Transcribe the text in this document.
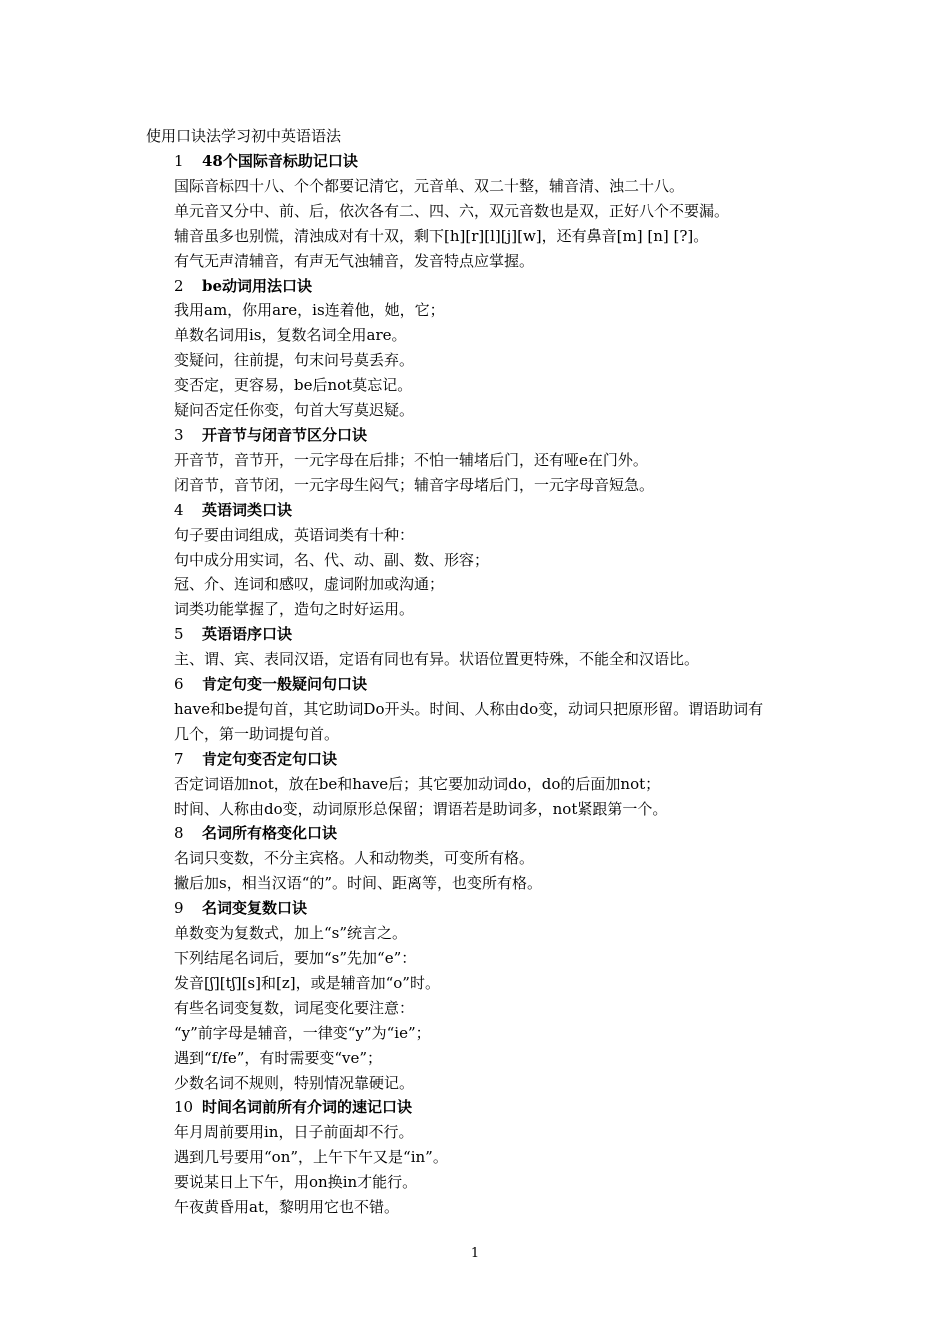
使用口诀法学习初中英语语法
1 48个国际音标助记口诀
国际音标四十八、个个都要记清它，元音单、双二十整，辅音清、浊二十八。
单元音又分中、前、后，依次各有二、四、六，双元音数也是双，正好八个不要漏。
辅音虽多也别慌，清浊成对有十双，剩下[h][r][l][j][w]，还有鼻音[m] [n] [?]。
有气无声清辅音，有声无气浊辅音，发音特点应掌握。
2 be动词用法口诀
我用am，你用are，is连着他，她，它；
单数名词用is，复数名词全用are。
变疑问，往前提，句末问号莫丢弃。
变否定，更容易，be后not莫忘记。
疑问否定任你变，句首大写莫迟疑。
3 开音节与闭音节区分口诀
开音节，音节开，一元字母在后排；不怕一辅堵后门，还有哑e在门外。
闭音节，音节闭，一元字母生闷气；辅音字母堵后门，一元字母音短急。
4 英语词类口诀
句子要由词组成，英语词类有十种：
句中成分用实词，名、代、动、副、数、形容；
冠、介、连词和感叹，虚词附加或沟通；
词类功能掌握了，造句之时好运用。
5 英语语序口诀
主、谓、宾、表同汉语，定语有同也有异。状语位置更特殊，不能全和汉语比。
6 肯定句变一般疑问句口诀
have和be提句首，其它助词Do开头。时间、人称由do变，动词只把原形留。谓语助词有
几个，第一助词提句首。
7 肯定句变否定句口诀
否定词语加not，放在be和have后；其它要加动词do，do的后面加not；
时间、人称由do变，动词原形总保留；谓语若是助词多，not紧跟第一个。
8 名词所有格变化口诀
名词只变数，不分主宾格。人和动物类，可变所有格。
撇后加s，相当汉语“的”。时间、距离等，也变所有格。
9 名词变复数口诀
单数变为复数式，加上“s”统言之。
下列结尾名词后，要加“s”先加“e”：
发音[ʃ][tʃ][s]和[z]，或是辅音加“o”时。
有些名词变复数，词尾变化要注意：
“y”前字母是辅音，一律变“y”为“ie”；
遇到“f/fe”，有时需要变“ve”；
少数名词不规则，特别情况靠硬记。
10 时间名词前所有介词的速记口诀
年月周前要用in，日子前面却不行。
遇到几号要用“on”，上午下午又是“in”。
要说某日上下午，用on换in才能行。
午夜黄昏用at，黎明用它也不错。
1
